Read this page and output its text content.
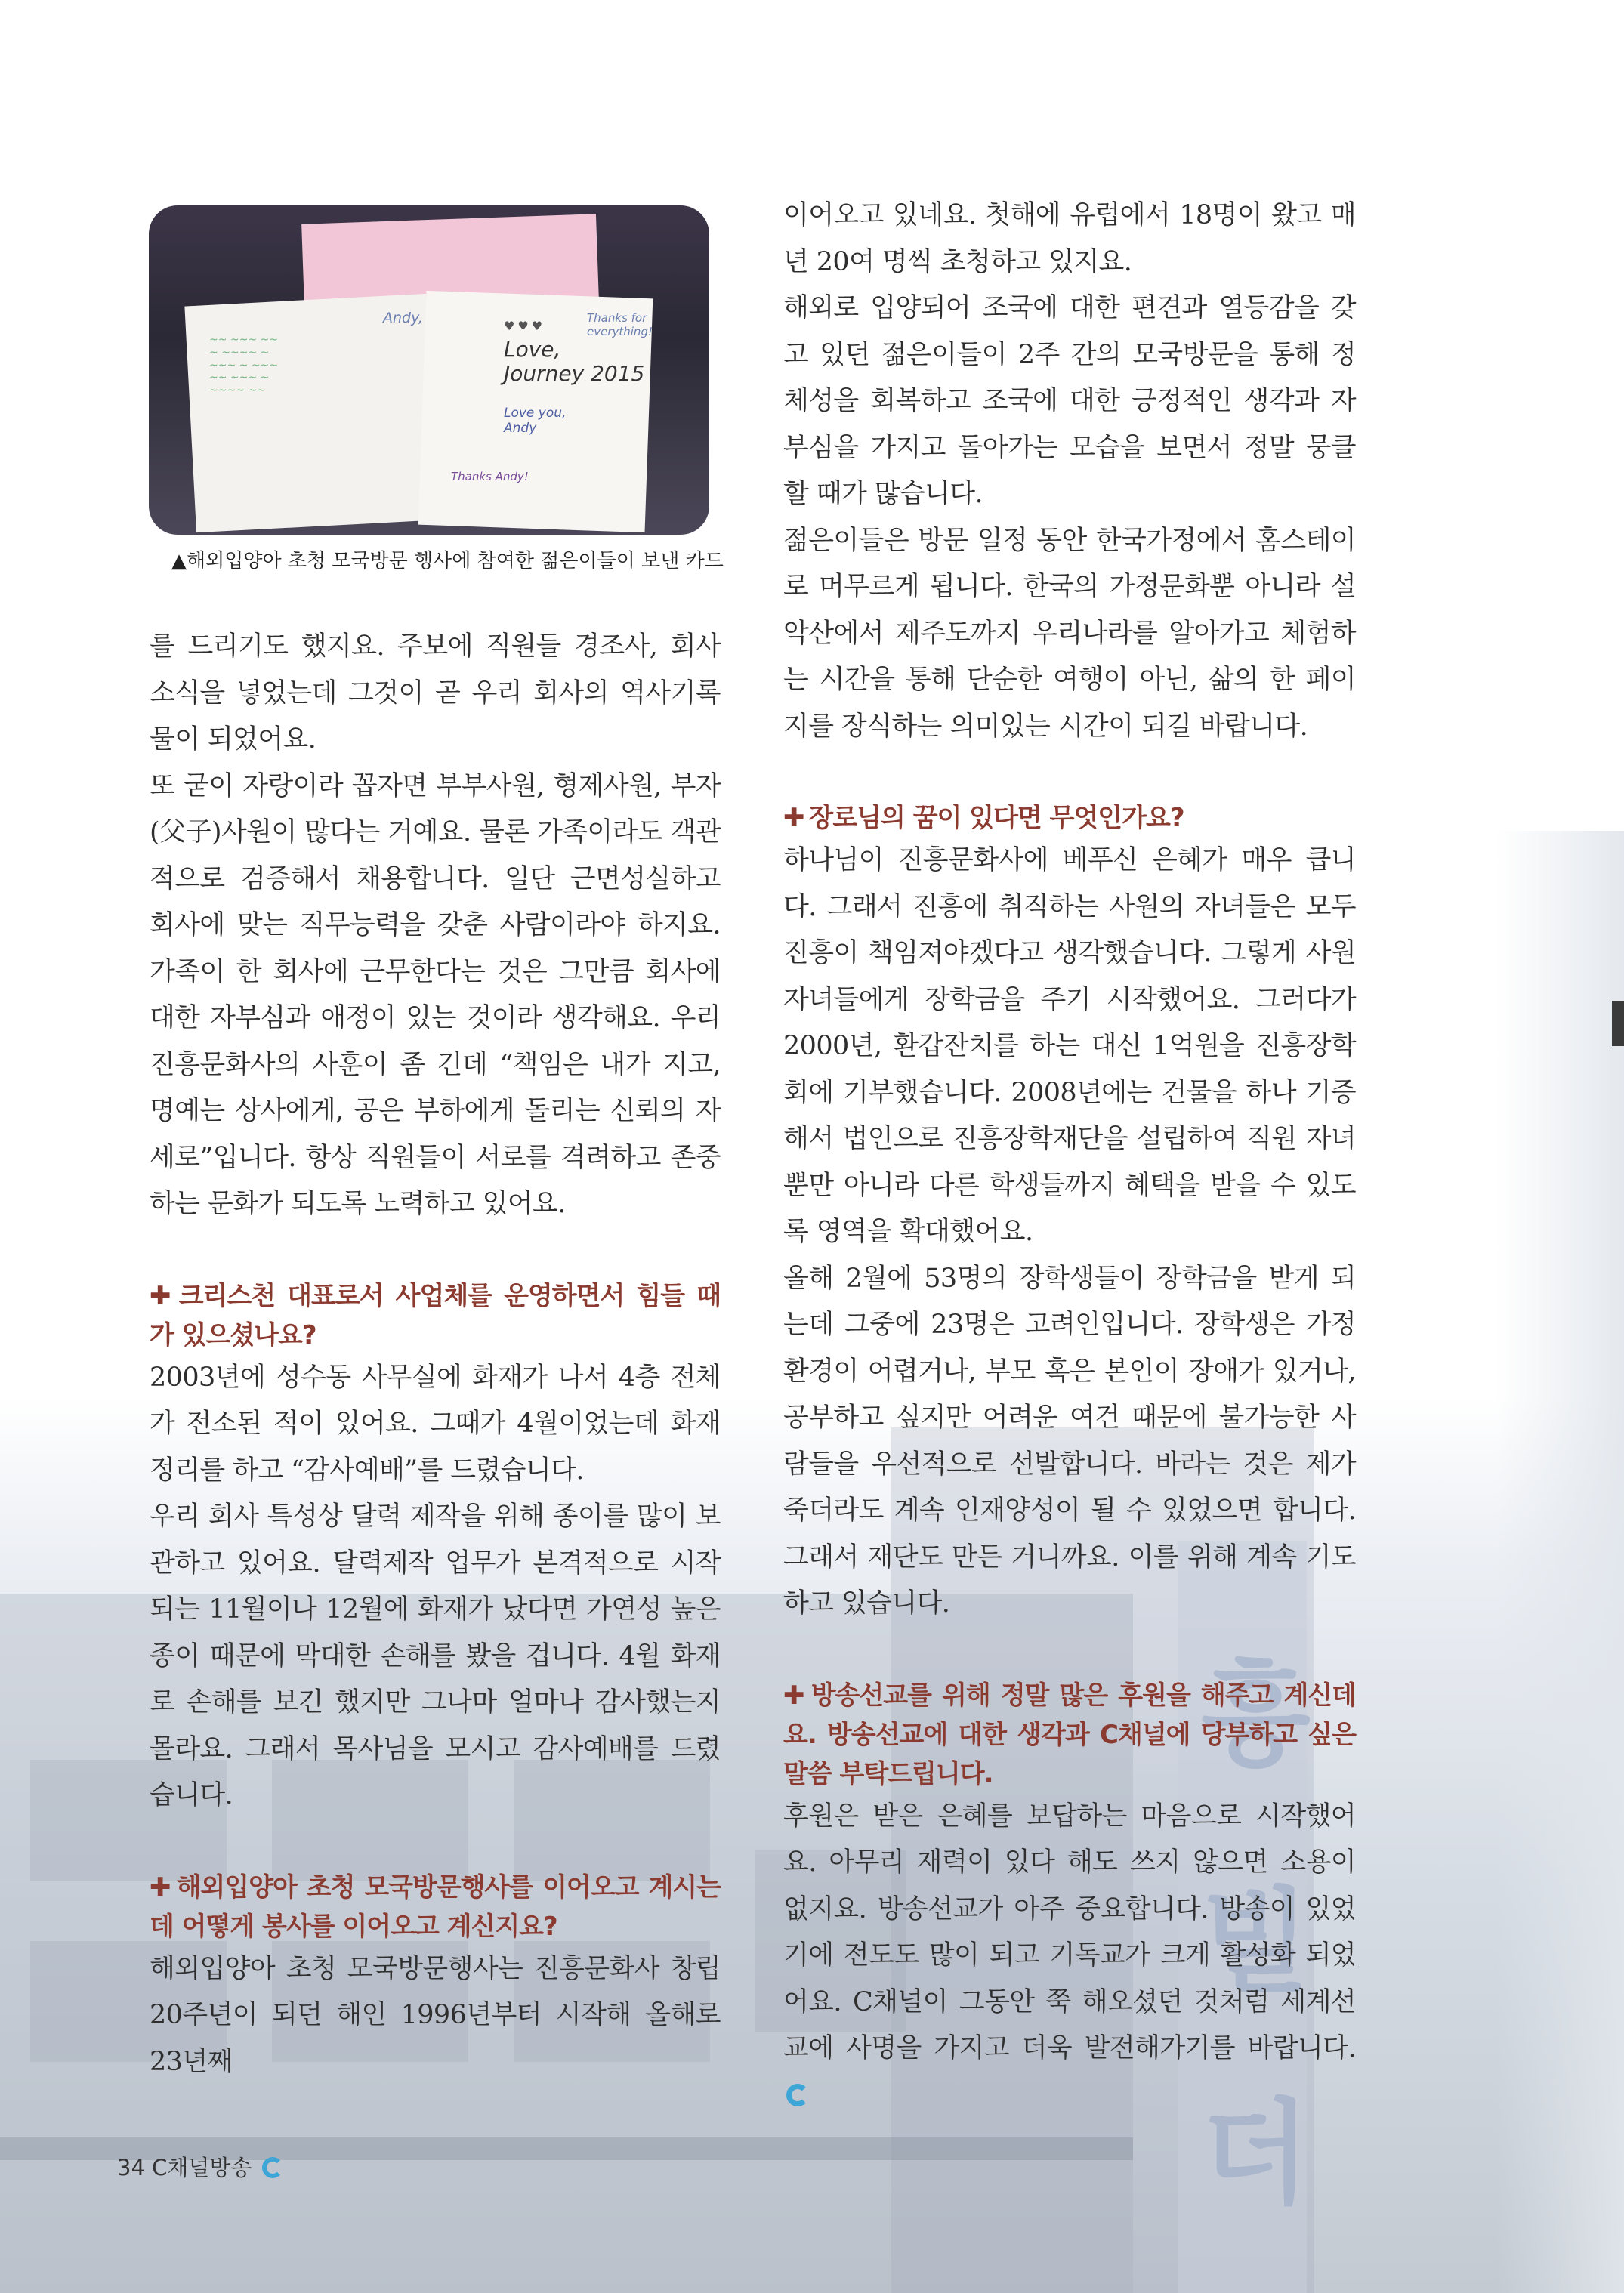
흥
빌
더
Andy,	♥♥♥
Love,
Journey 2015
Thanks for everything!
Love you, Andy
Thanks Andy!
~~ ~~~ ~~
~ ~~~~ ~
~~~ ~ ~~~
~~ ~~~ ~
~~~~ ~~
▲해외입양아 초청 모국방문 행사에 참여한 젊은이들이 보낸 카드

를 드리기도 했지요. 주보에 직원들 경조사, 회사 소식을 넣었는데 그것이 곧 우리 회사의 역사기록물이 되었어요.

또 굳이 자랑이라 꼽자면 부부사원, 형제사원, 부자(父子)사원이 많다는 거예요. 물론 가족이라도 객관적으로 검증해서 채용합니다. 일단 근면성실하고 회사에 맞는 직무능력을 갖춘 사람이라야 하지요. 가족이 한 회사에 근무한다는 것은 그만큼 회사에 대한 자부심과 애정이 있는 것이라 생각해요. 우리 진흥문화사의 사훈이 좀 긴데 “책임은 내가 지고, 명예는 상사에게, 공은 부하에게 돌리는 신뢰의 자세로”입니다. 항상 직원들이 서로를 격려하고 존중하는 문화가 되도록 노력하고 있어요.

✚ 크리스천 대표로서 사업체를 운영하면서 힘들 때가 있으셨나요?

2003년에 성수동 사무실에 화재가 나서 4층 전체가 전소된 적이 있어요. 그때가 4월이었는데 화재 정리를 하고 “감사예배”를 드렸습니다.

우리 회사 특성상 달력 제작을 위해 종이를 많이 보관하고 있어요. 달력제작 업무가 본격적으로 시작되는 11월이나 12월에 화재가 났다면 가연성 높은 종이 때문에 막대한 손해를 봤을 겁니다. 4월 화재로 손해를 보긴 했지만 그나마 얼마나 감사했는지 몰라요. 그래서 목사님을 모시고 감사예배를 드렸습니다.

✚ 해외입양아 초청 모국방문행사를 이어오고 계시는데 어떻게 봉사를 이어오고 계신지요?

해외입양아 초청 모국방문행사는 진흥문화사 창립 20주년이 되던 해인 1996년부터 시작해 올해로 23년째

이어오고 있네요. 첫해에 유럽에서 18명이 왔고 매년 20여 명씩 초청하고 있지요.

해외로 입양되어 조국에 대한 편견과 열등감을 갖고 있던 젊은이들이 2주 간의 모국방문을 통해 정체성을 회복하고 조국에 대한 긍정적인 생각과 자부심을 가지고 돌아가는 모습을 보면서 정말 뭉클할 때가 많습니다.

젊은이들은 방문 일정 동안 한국가정에서 홈스테이로 머무르게 됩니다. 한국의 가정문화뿐 아니라 설악산에서 제주도까지 우리나라를 알아가고 체험하는 시간을 통해 단순한 여행이 아닌, 삶의 한 페이지를 장식하는 의미있는 시간이 되길 바랍니다.

✚ 장로님의 꿈이 있다면 무엇인가요?

하나님이 진흥문화사에 베푸신 은혜가 매우 큽니다. 그래서 진흥에 취직하는 사원의 자녀들은 모두 진흥이 책임져야겠다고 생각했습니다. 그렇게 사원 자녀들에게 장학금을 주기 시작했어요. 그러다가 2000년, 환갑잔치를 하는 대신 1억원을 진흥장학회에 기부했습니다. 2008년에는 건물을 하나 기증해서 법인으로 진흥장학재단을 설립하여 직원 자녀뿐만 아니라 다른 학생들까지 혜택을 받을 수 있도록 영역을 확대했어요.

올해 2월에 53명의 장학생들이 장학금을 받게 되는데 그중에 23명은 고려인입니다. 장학생은 가정환경이 어렵거나, 부모 혹은 본인이 장애가 있거나, 공부하고 싶지만 어려운 여건 때문에 불가능한 사람들을 우선적으로 선발합니다. 바라는 것은 제가 죽더라도 계속 인재양성이 될 수 있었으면 합니다. 그래서 재단도 만든 거니까요. 이를 위해 계속 기도하고 있습니다.

✚ 방송선교를 위해 정말 많은 후원을 해주고 계신데요. 방송선교에 대한 생각과 C채널에 당부하고 싶은 말씀 부탁드립니다.

후원은 받은 은혜를 보답하는 마음으로 시작했어요. 아무리 재력이 있다 해도 쓰지 않으면 소용이 없지요. 방송선교가 아주 중요합니다. 방송이 있었기에 전도도 많이 되고 기독교가 크게 활성화 되었어요. C채널이 그동안 쭉 해오셨던 것처럼 세계선교에 사명을 가지고 더욱 발전해가기를 바랍니다.

34 C채널방송
